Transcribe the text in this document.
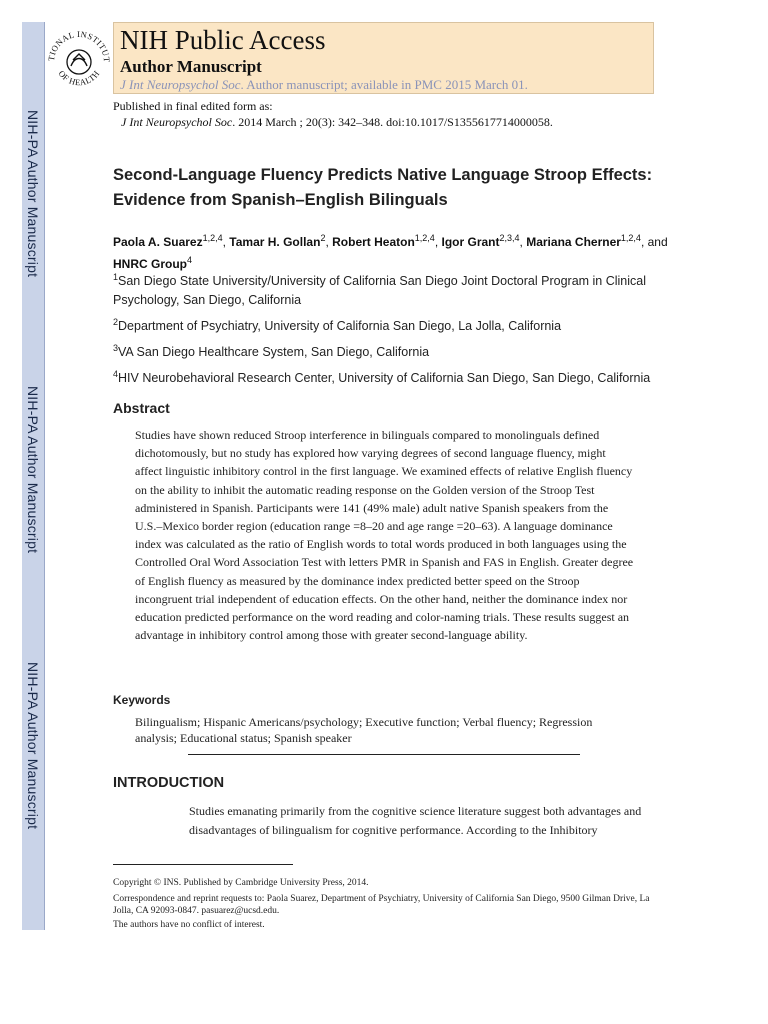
NIH-PA Author Manuscript
NIH-PA Author Manuscript
NIH-PA Author Manuscript
TIONAL INSTITUT
OF HEALTH
NIH Public Access
Author Manuscript
J Int Neuropsychol Soc. Author manuscript; available in PMC 2015 March 01.
Published in final edited form as:
J Int Neuropsychol Soc. 2014 March ; 20(3): 342–348. doi:10.1017/S1355617714000058.
Second-Language Fluency Predicts Native Language Stroop Effects: Evidence from Spanish–English Bilinguals
Paola A. Suarez$^{1,2,4}$, Tamar H. Gollan$^2$, Robert Heaton$^{1,2,4}$, Igor Grant$^{2,3,4}$, Mariana Cherner$^{1,2,4}$, and HNRC Group$^4$
$^1$San Diego State University/University of California San Diego Joint Doctoral Program in Clinical Psychology, San Diego, California
$^2$Department of Psychiatry, University of California San Diego, La Jolla, California
$^3$VA San Diego Healthcare System, San Diego, California
$^4$HIV Neurobehavioral Research Center, University of California San Diego, San Diego, California
Abstract
Studies have shown reduced Stroop interference in bilinguals compared to monolinguals defined dichotomously, but no study has explored how varying degrees of second language fluency, might affect linguistic inhibitory control in the first language. We examined effects of relative English fluency on the ability to inhibit the automatic reading response on the Golden version of the Stroop Test administered in Spanish. Participants were 141 (49% male) adult native Spanish speakers from the U.S.–Mexico border region (education range =8–20 and age range =20–63). A language dominance index was calculated as the ratio of English words to total words produced in both languages using the Controlled Oral Word Association Test with letters PMR in Spanish and FAS in English. Greater degree of English fluency as measured by the dominance index predicted better speed on the Stroop incongruent trial independent of education effects. On the other hand, neither the dominance index nor education predicted performance on the word reading and color-naming trials. These results suggest an advantage in inhibitory control among those with greater second-language ability.
Keywords
Bilingualism; Hispanic Americans/psychology; Executive function; Verbal fluency; Regression analysis; Educational status; Spanish speaker
INTRODUCTION
Studies emanating primarily from the cognitive science literature suggest both advantages and disadvantages of bilingualism for cognitive performance. According to the Inhibitory
Copyright © INS. Published by Cambridge University Press, 2014.
Correspondence and reprint requests to: Paola Suarez, Department of Psychiatry, University of California San Diego, 9500 Gilman Drive, La Jolla, CA 92093-0847. pasuarez@ucsd.edu.
The authors have no conflict of interest.
